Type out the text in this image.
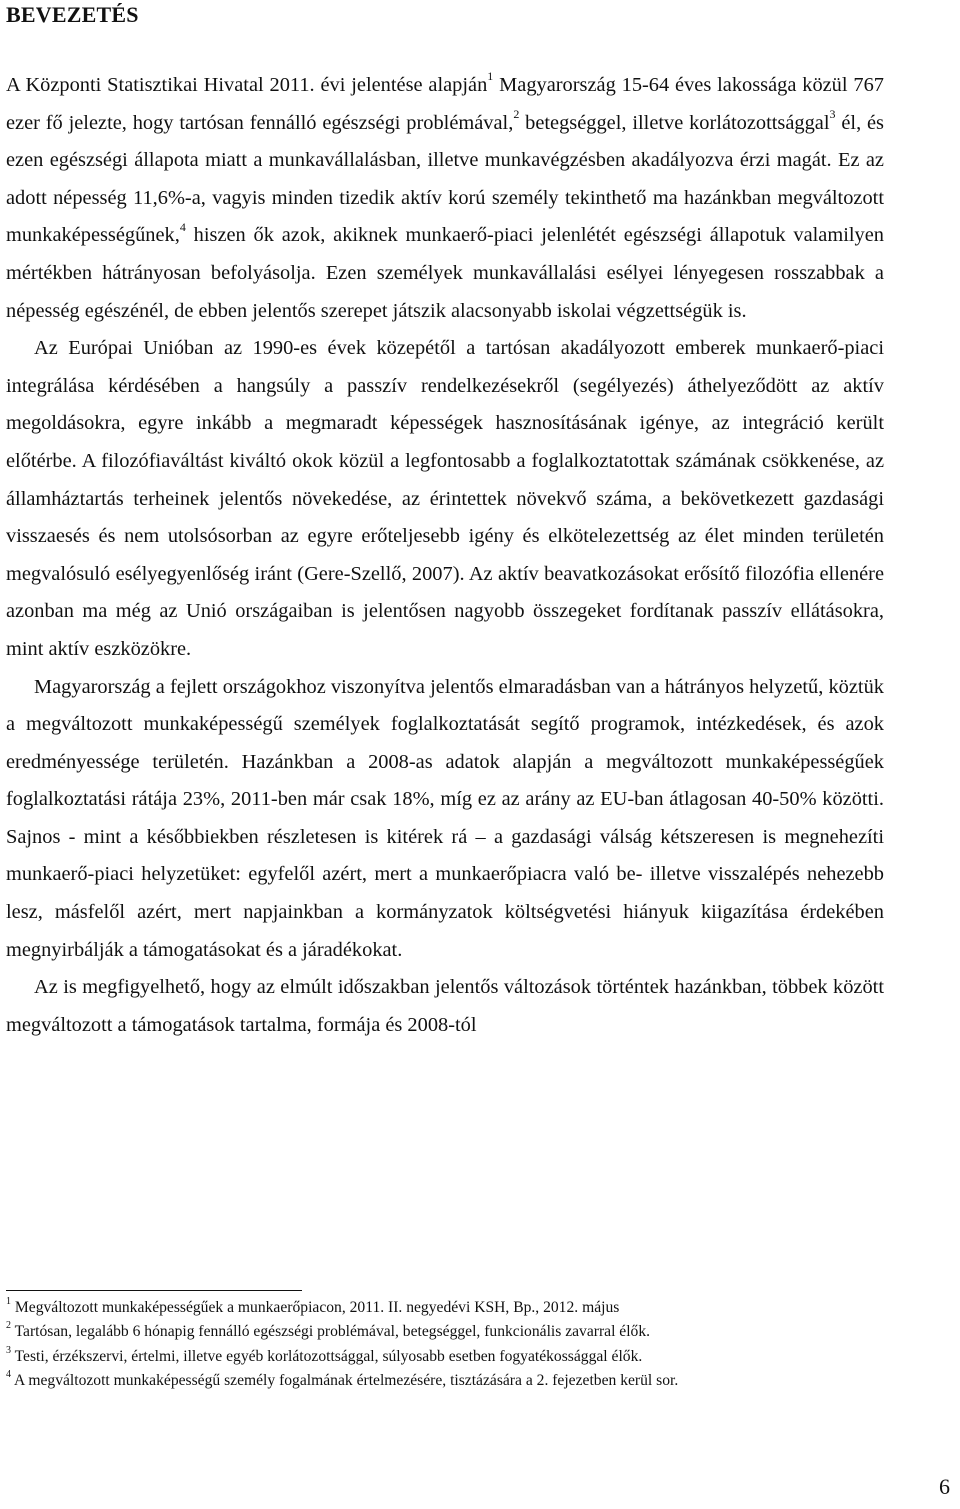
BEVEZETÉS

A Központi Statisztikai Hivatal 2011. évi jelentése alapján$^1$ Magyarország 15-64 éves lakossága közül 767 ezer fő jelezte, hogy tartósan fennálló egészségi problémával,$^2$ betegséggel, illetve korlátozottsággal$^3$ él, és ezen egészségi állapota miatt a munkavállalásban, illetve munkavégzésben akadályozva érzi magát. Ez az adott népesség 11,6%-a, vagyis minden tizedik aktív korú személy tekinthető ma hazánkban megváltozott munkaképességűnek,$^4$ hiszen ők azok, akiknek munkaerő-piaci jelenlétét egészségi állapotuk valamilyen mértékben hátrányosan befolyásolja. Ezen személyek munkavállalási esélyei lényegesen rosszabbak a népesség egészénél, de ebben jelentős szerepet játszik alacsonyabb iskolai végzettségük is.

Az Európai Unióban az 1990-es évek közepétől a tartósan akadályozott emberek munkaerő-piaci integrálása kérdésében a hangsúly a passzív rendelkezésekről (segélyezés) áthelyeződött az aktív megoldásokra, egyre inkább a megmaradt képességek hasznosításának igénye, az integráció került előtérbe. A filozófiaváltást kiváltó okok közül a legfontosabb a foglalkoztatottak számának csökkenése, az államháztartás terheinek jelentős növekedése, az érintettek növekvő száma, a bekövetkezett gazdasági visszaesés és nem utolsósorban az egyre erőteljesebb igény és elkötelezettség az élet minden területén megvalósuló esélyegyenlőség iránt (Gere-Szellő, 2007). Az aktív beavatkozásokat erősítő filozófia ellenére azonban ma még az Unió országaiban is jelentősen nagyobb összegeket fordítanak passzív ellátásokra, mint aktív eszközökre.

Magyarország a fejlett országokhoz viszonyítva jelentős elmaradásban van a hátrányos helyzetű, köztük a megváltozott munkaképességű személyek foglalkoztatását segítő programok, intézkedések, és azok eredményessége területén. Hazánkban a 2008-as adatok alapján a megváltozott munkaképességűek foglalkoztatási rátája 23%, 2011-ben már csak 18%, míg ez az arány az EU-ban átlagosan 40-50% közötti. Sajnos - mint a későbbiekben részletesen is kitérek rá – a gazdasági válság kétszeresen is megnehezíti munkaerő-piaci helyzetüket: egyfelől azért, mert a munkaerőpiacra való be- illetve visszalépés nehezebb lesz, másfelől azért, mert napjainkban a kormányzatok költségvetési hiányuk kiigazítása érdekében megnyirbálják a támogatásokat és a járadékokat.

Az is megfigyelhető, hogy az elmúlt időszakban jelentős változások történtek hazánkban, többek között megváltozott a támogatások tartalma, formája és 2008-tól

$^1$ Megváltozott munkaképességűek a munkaerőpiacon, 2011. II. negyedévi KSH, Bp., 2012. május

$^2$ Tartósan, legalább 6 hónapig fennálló egészségi problémával, betegséggel, funkcionális zavarral élők.

$^3$ Testi, érzékszervi, értelmi, illetve egyéb korlátozottsággal, súlyosabb esetben fogyatékossággal élők.

$^4$ A megváltozott munkaképességű személy fogalmának értelmezésére, tisztázására a 2. fejezetben kerül sor.

6
